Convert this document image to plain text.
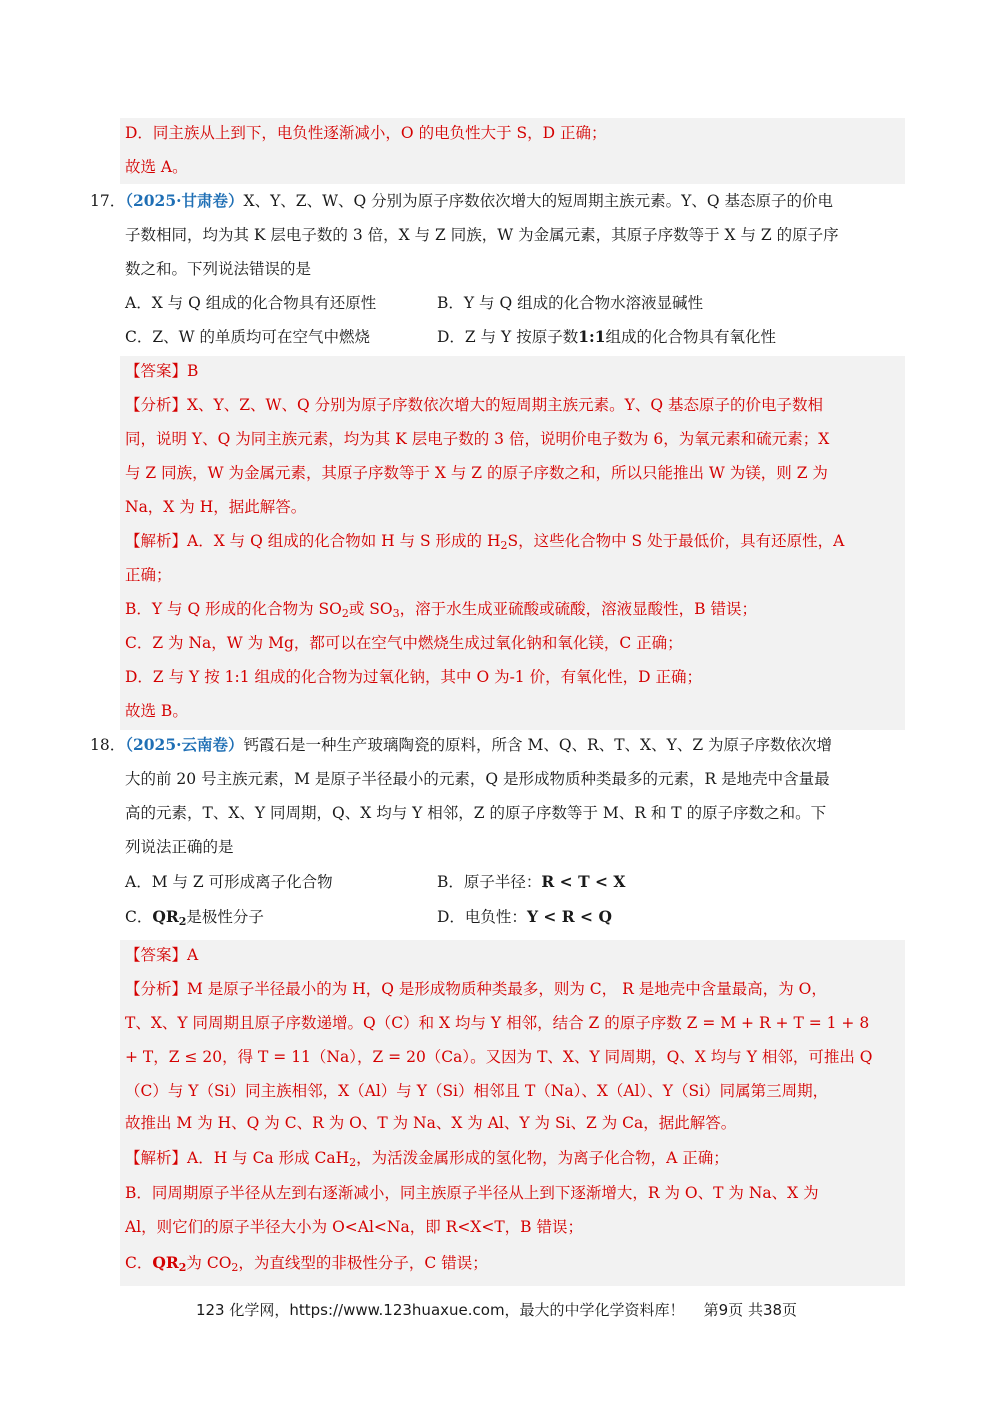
D．同主族从上到下，电负性逐渐减小，O 的电负性大于 S，D 正确；
故选 A。
17．（2025·甘肃卷）X、Y、Z、W、Q 分别为原子序数依次增大的短周期主族元素。Y、Q 基态原子的价电
子数相同，均为其 K 层电子数的 3 倍，X 与 Z 同族，W 为金属元素，其原子序数等于 X 与 Z 的原子序
数之和。下列说法错误的是
A．X 与 Q 组成的化合物具有还原性	B．Y 与 Q 组成的化合物水溶液显碱性
C．Z、W 的单质均可在空气中燃烧	D．Z 与 Y 按原子数1:1组成的化合物具有氧化性
【答案】B
【分析】X、Y、Z、W、Q 分别为原子序数依次增大的短周期主族元素。Y、Q 基态原子的价电子数相
同，说明 Y、Q 为同主族元素，均为其 K 层电子数的 3 倍，说明价电子数为 6，为氧元素和硫元素；X
与 Z 同族，W 为金属元素，其原子序数等于 X 与 Z 的原子序数之和，所以只能推出 W 为镁，则 Z 为
Na，X 为 H，据此解答。
【解析】A．X 与 Q 组成的化合物如 H 与 S 形成的 $H_2S$，这些化合物中 S 处于最低价，具有还原性，A
正确；
B．Y 与 Q 形成的化合物为 $SO_2$或 $SO_3$，溶于水生成亚硫酸或硫酸，溶液显酸性，B 错误；
C．Z 为 Na，W 为 Mg，都可以在空气中燃烧生成过氧化钠和氧化镁，C 正确；
D．Z 与 Y 按 1:1 组成的化合物为过氧化钠，其中 O 为-1 价，有氧化性，D 正确；
故选 B。
18．（2025·云南卷）钙霞石是一种生产玻璃陶瓷的原料，所含 M、Q、R、T、X、Y、Z 为原子序数依次增
大的前 20 号主族元素，M 是原子半径最小的元素，Q 是形成物质种类最多的元素，R 是地壳中含量最
高的元素，T、X、Y 同周期，Q、X 均与 Y 相邻，Z 的原子序数等于 M、R 和 T 的原子序数之和。下
列说法正确的是
A．M 与 Z 可形成离子化合物	B．原子半径：R < T < X
C．$QR_2$是极性分子	D．电负性：Y < R < Q
【答案】A
【分析】M 是原子半径最小的为 H，Q 是形成物质种类最多，则为 C， R 是地壳中含量最高，为 O，
T、X、Y 同周期且原子序数递增。Q（C）和 X 均与 Y 相邻，结合 Z 的原子序数 Z = M + R + T = 1 + 8
+ T，Z ≤ 20，得 T = 11（Na），Z = 20（Ca）。又因为 T、X、Y 同周期，Q、X 均与 Y 相邻，可推出 Q
（C）与 Y（Si）同主族相邻，X（Al）与 Y（Si）相邻且 T（Na）、X（Al）、Y（Si）同属第三周期，
故推出 M 为 H、Q 为 C、R 为 O、T 为 Na、X 为 Al、Y 为 Si、Z 为 Ca，据此解答。
【解析】A．H 与 Ca 形成 CaH$_2$，为活泼金属形成的氢化物，为离子化合物，A 正确；
B．同周期原子半径从左到右逐渐减小，同主族原子半径从上到下逐渐增大，R 为 O、T 为 Na、X 为
Al，则它们的原子半径大小为 O<Al<Na，即 R<X<T，B 错误；
C．$QR_2$为 $CO_2$，为直线型的非极性分子，C 错误；
123 化学网，https://www.123huaxue.com，最大的中学化学资料库！ 第9页 共38页
